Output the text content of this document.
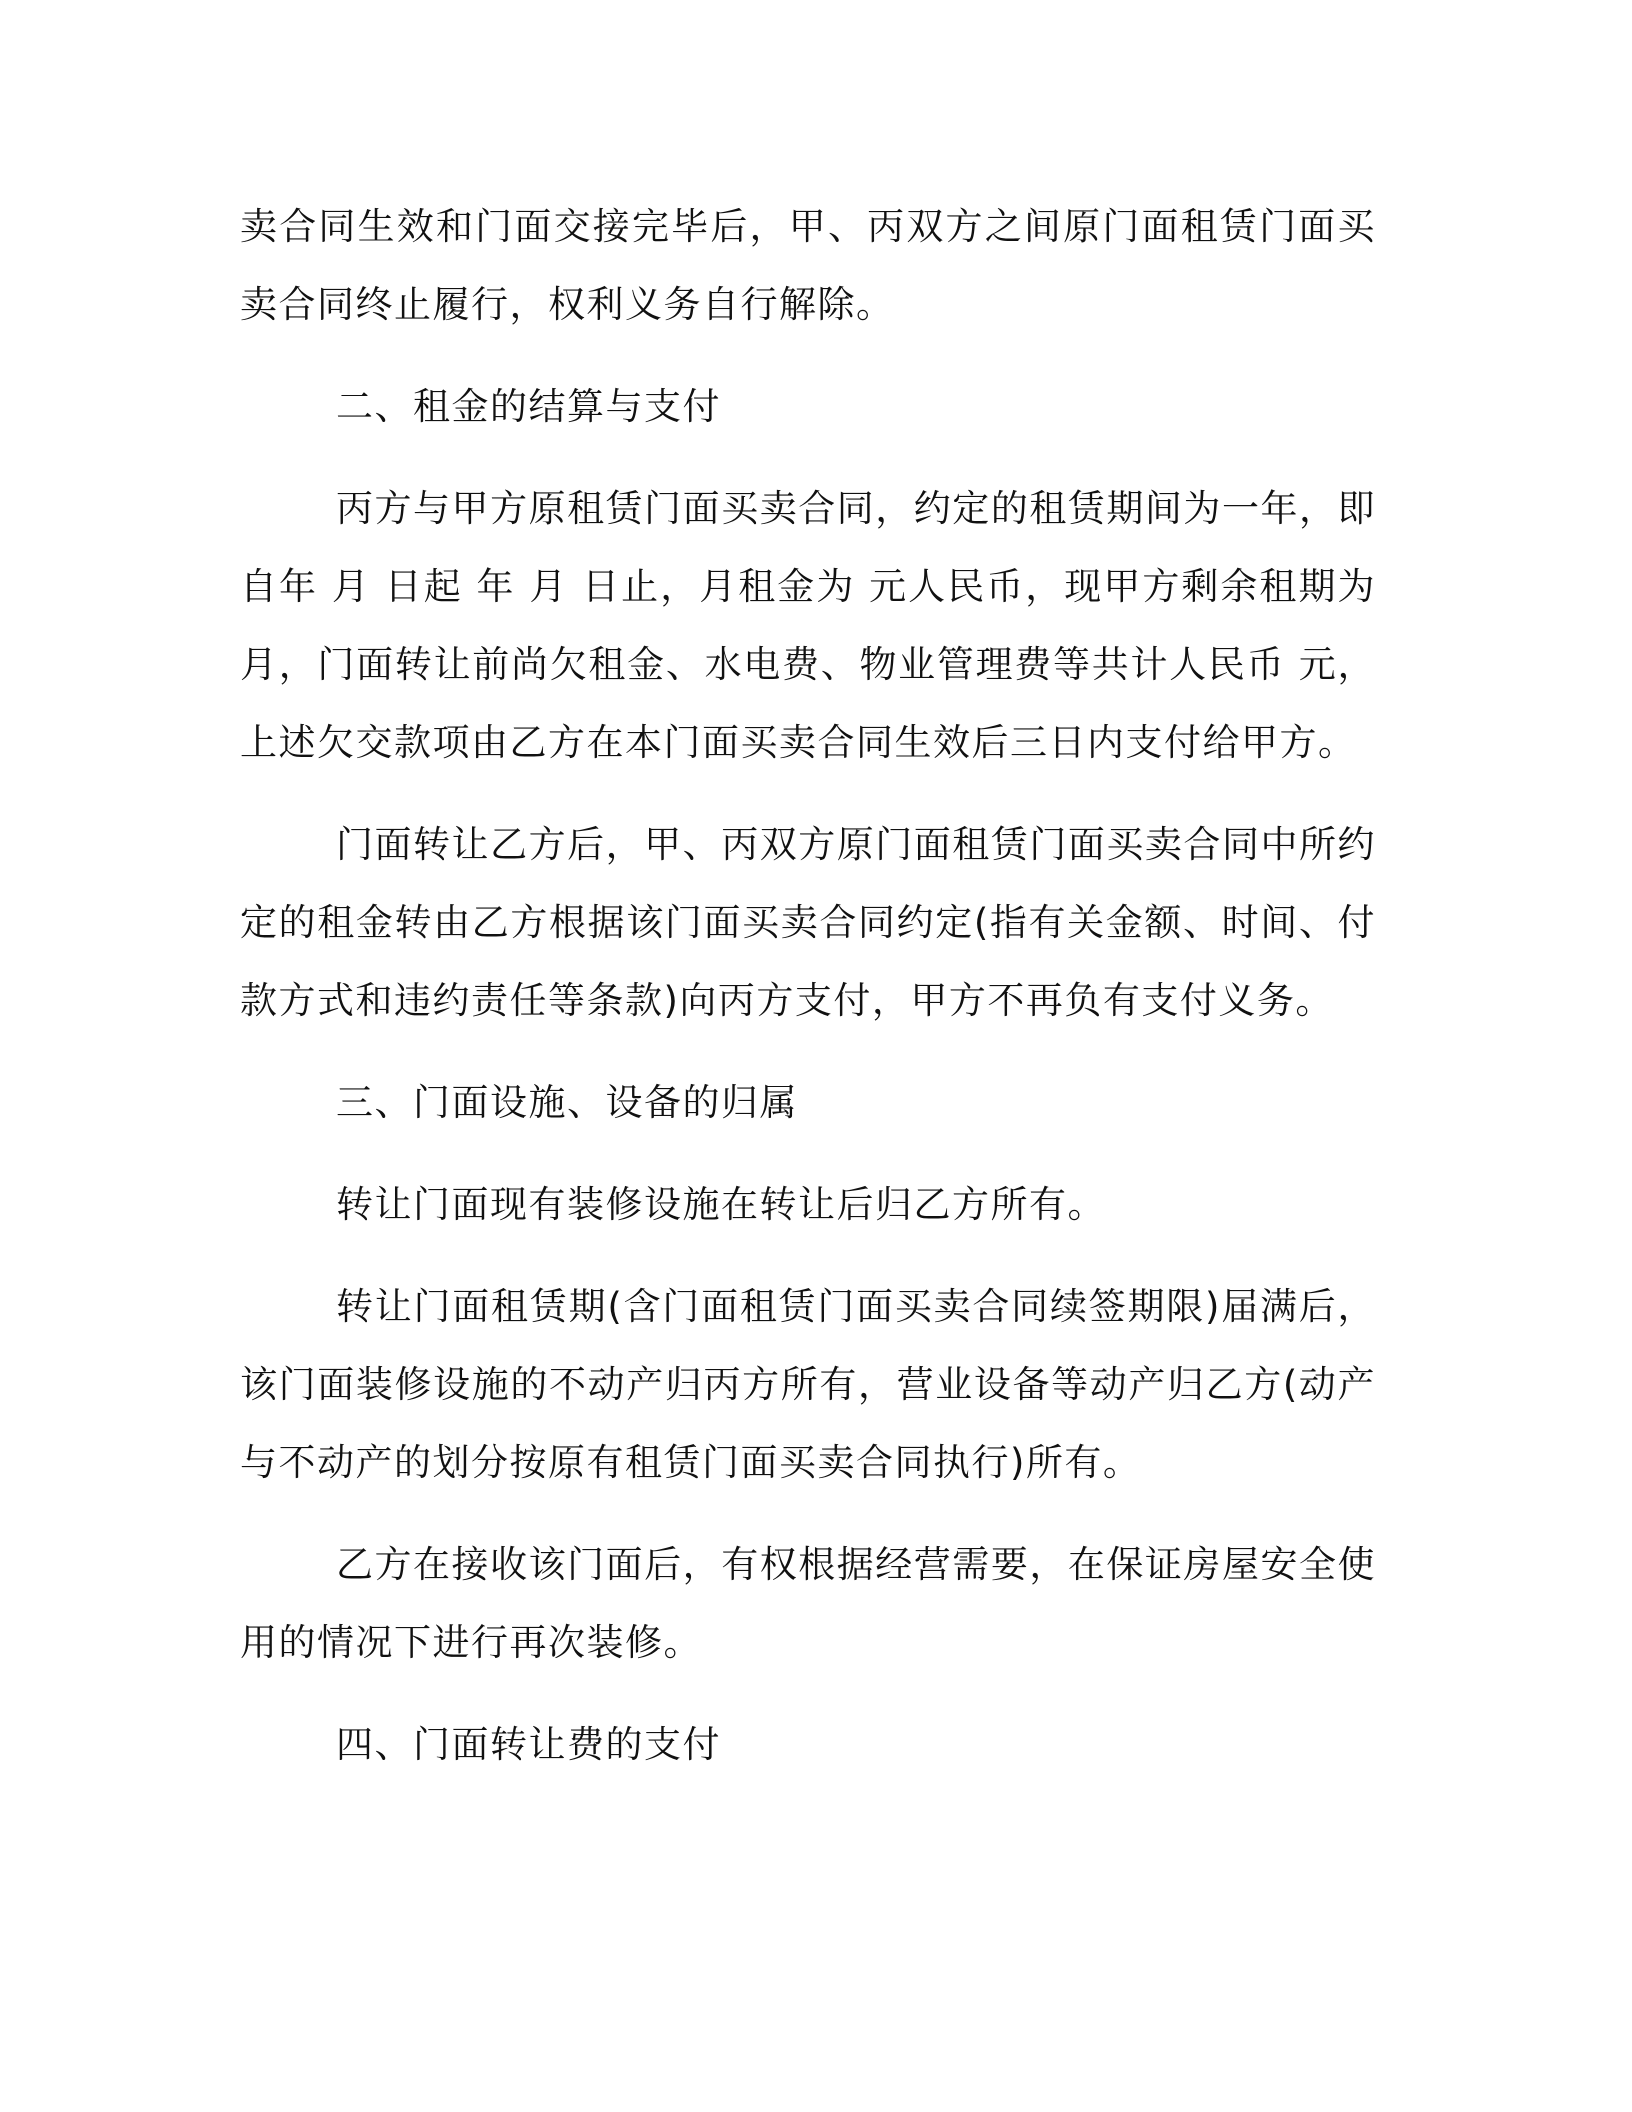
卖合同生效和门面交接完毕后，甲、丙双方之间原门面租赁门面买卖合同终止履行，权利义务自行解除。

二、租金的结算与支付

丙方与甲方原租赁门面买卖合同，约定的租赁期间为一年，即自年 月 日起 年 月 日止，月租金为 元人民币，现甲方剩余租期为 月，门面转让前尚欠租金、水电费、物业管理费等共计人民币 元，上述欠交款项由乙方在本门面买卖合同生效后三日内支付给甲方。

门面转让乙方后，甲、丙双方原门面租赁门面买卖合同中所约定的租金转由乙方根据该门面买卖合同约定(指有关金额、时间、付款方式和违约责任等条款)向丙方支付，甲方不再负有支付义务。

三、门面设施、设备的归属

转让门面现有装修设施在转让后归乙方所有。

转让门面租赁期(含门面租赁门面买卖合同续签期限)届满后，该门面装修设施的不动产归丙方所有，营业设备等动产归乙方(动产与不动产的划分按原有租赁门面买卖合同执行)所有。

乙方在接收该门面后，有权根据经营需要，在保证房屋安全使用的情况下进行再次装修。

四、门面转让费的支付
